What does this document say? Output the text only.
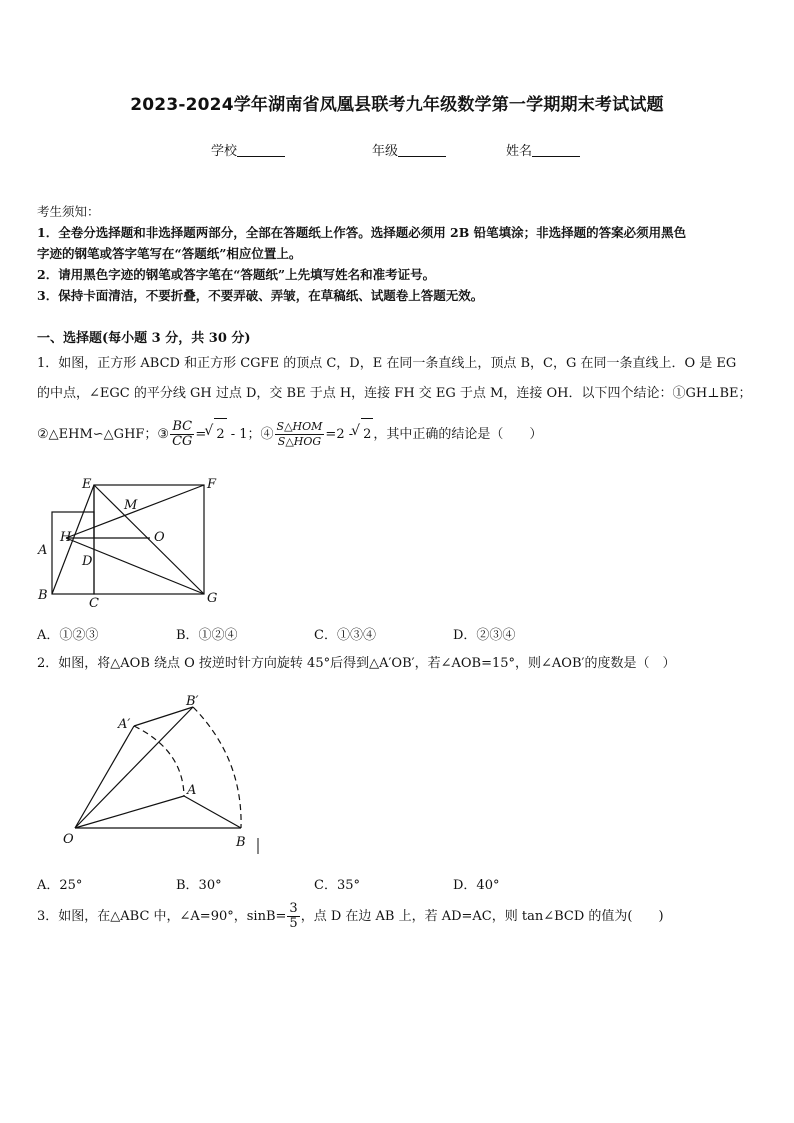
2023-2024学年湖南省凤凰县联考九年级数学第一学期期末考试试题
学校	年级	姓名
考生须知：

1．全卷分选择题和非选择题两部分，全部在答题纸上作答。选择题必须用 2B 铅笔填涂；非选择题的答案必须用黑色

字迹的钢笔或答字笔写在“答题纸”相应位置上。

2．请用黑色字迹的钢笔或答字笔在“答题纸”上先填写姓名和准考证号。

3．保持卡面清洁，不要折叠，不要弄破、弄皱，在草稿纸、试题卷上答题无效。

一、选择题(每小题 3 分，共 30 分)
1．如图，正方形 ABCD 和正方形 CGFE 的顶点 C，D，E 在同一条直线上，顶点 B，C，G 在同一条直线上．O 是 EG
的中点，∠EGC 的平分线 GH 过点 D，交 BE 于点 H，连接 FH 交 EG 于点 M，连接 OH．以下四个结论：①GH⊥BE；
②△EHM∽△GHF；③ $\frac{BC}{CG}$ = √ 2 - 1；④ $\frac{\text{S△HOM}}{\text{S△HOG}} =2$ - √ 2 ，其中正确的结论是（　　）
E	F
M
H	O
A
D
B
C	G
A．①②③	B．①②④	C．①③④	D．②③④
2．如图，将△AOB 绕点 O 按逆时针方向旋转 45°后得到△A′OB′，若∠AOB=15°，则∠AOB′的度数是（　）
A′
B′
A
O	B
A．25°	B．30°	C．35°	D．40°
3．如图，在△ABC 中，∠A=90°，$\sin B= \frac{3}{5}$ ，点 D 在边 AB 上，若 AD=AC，则 tan∠BCD 的值为(　　)
